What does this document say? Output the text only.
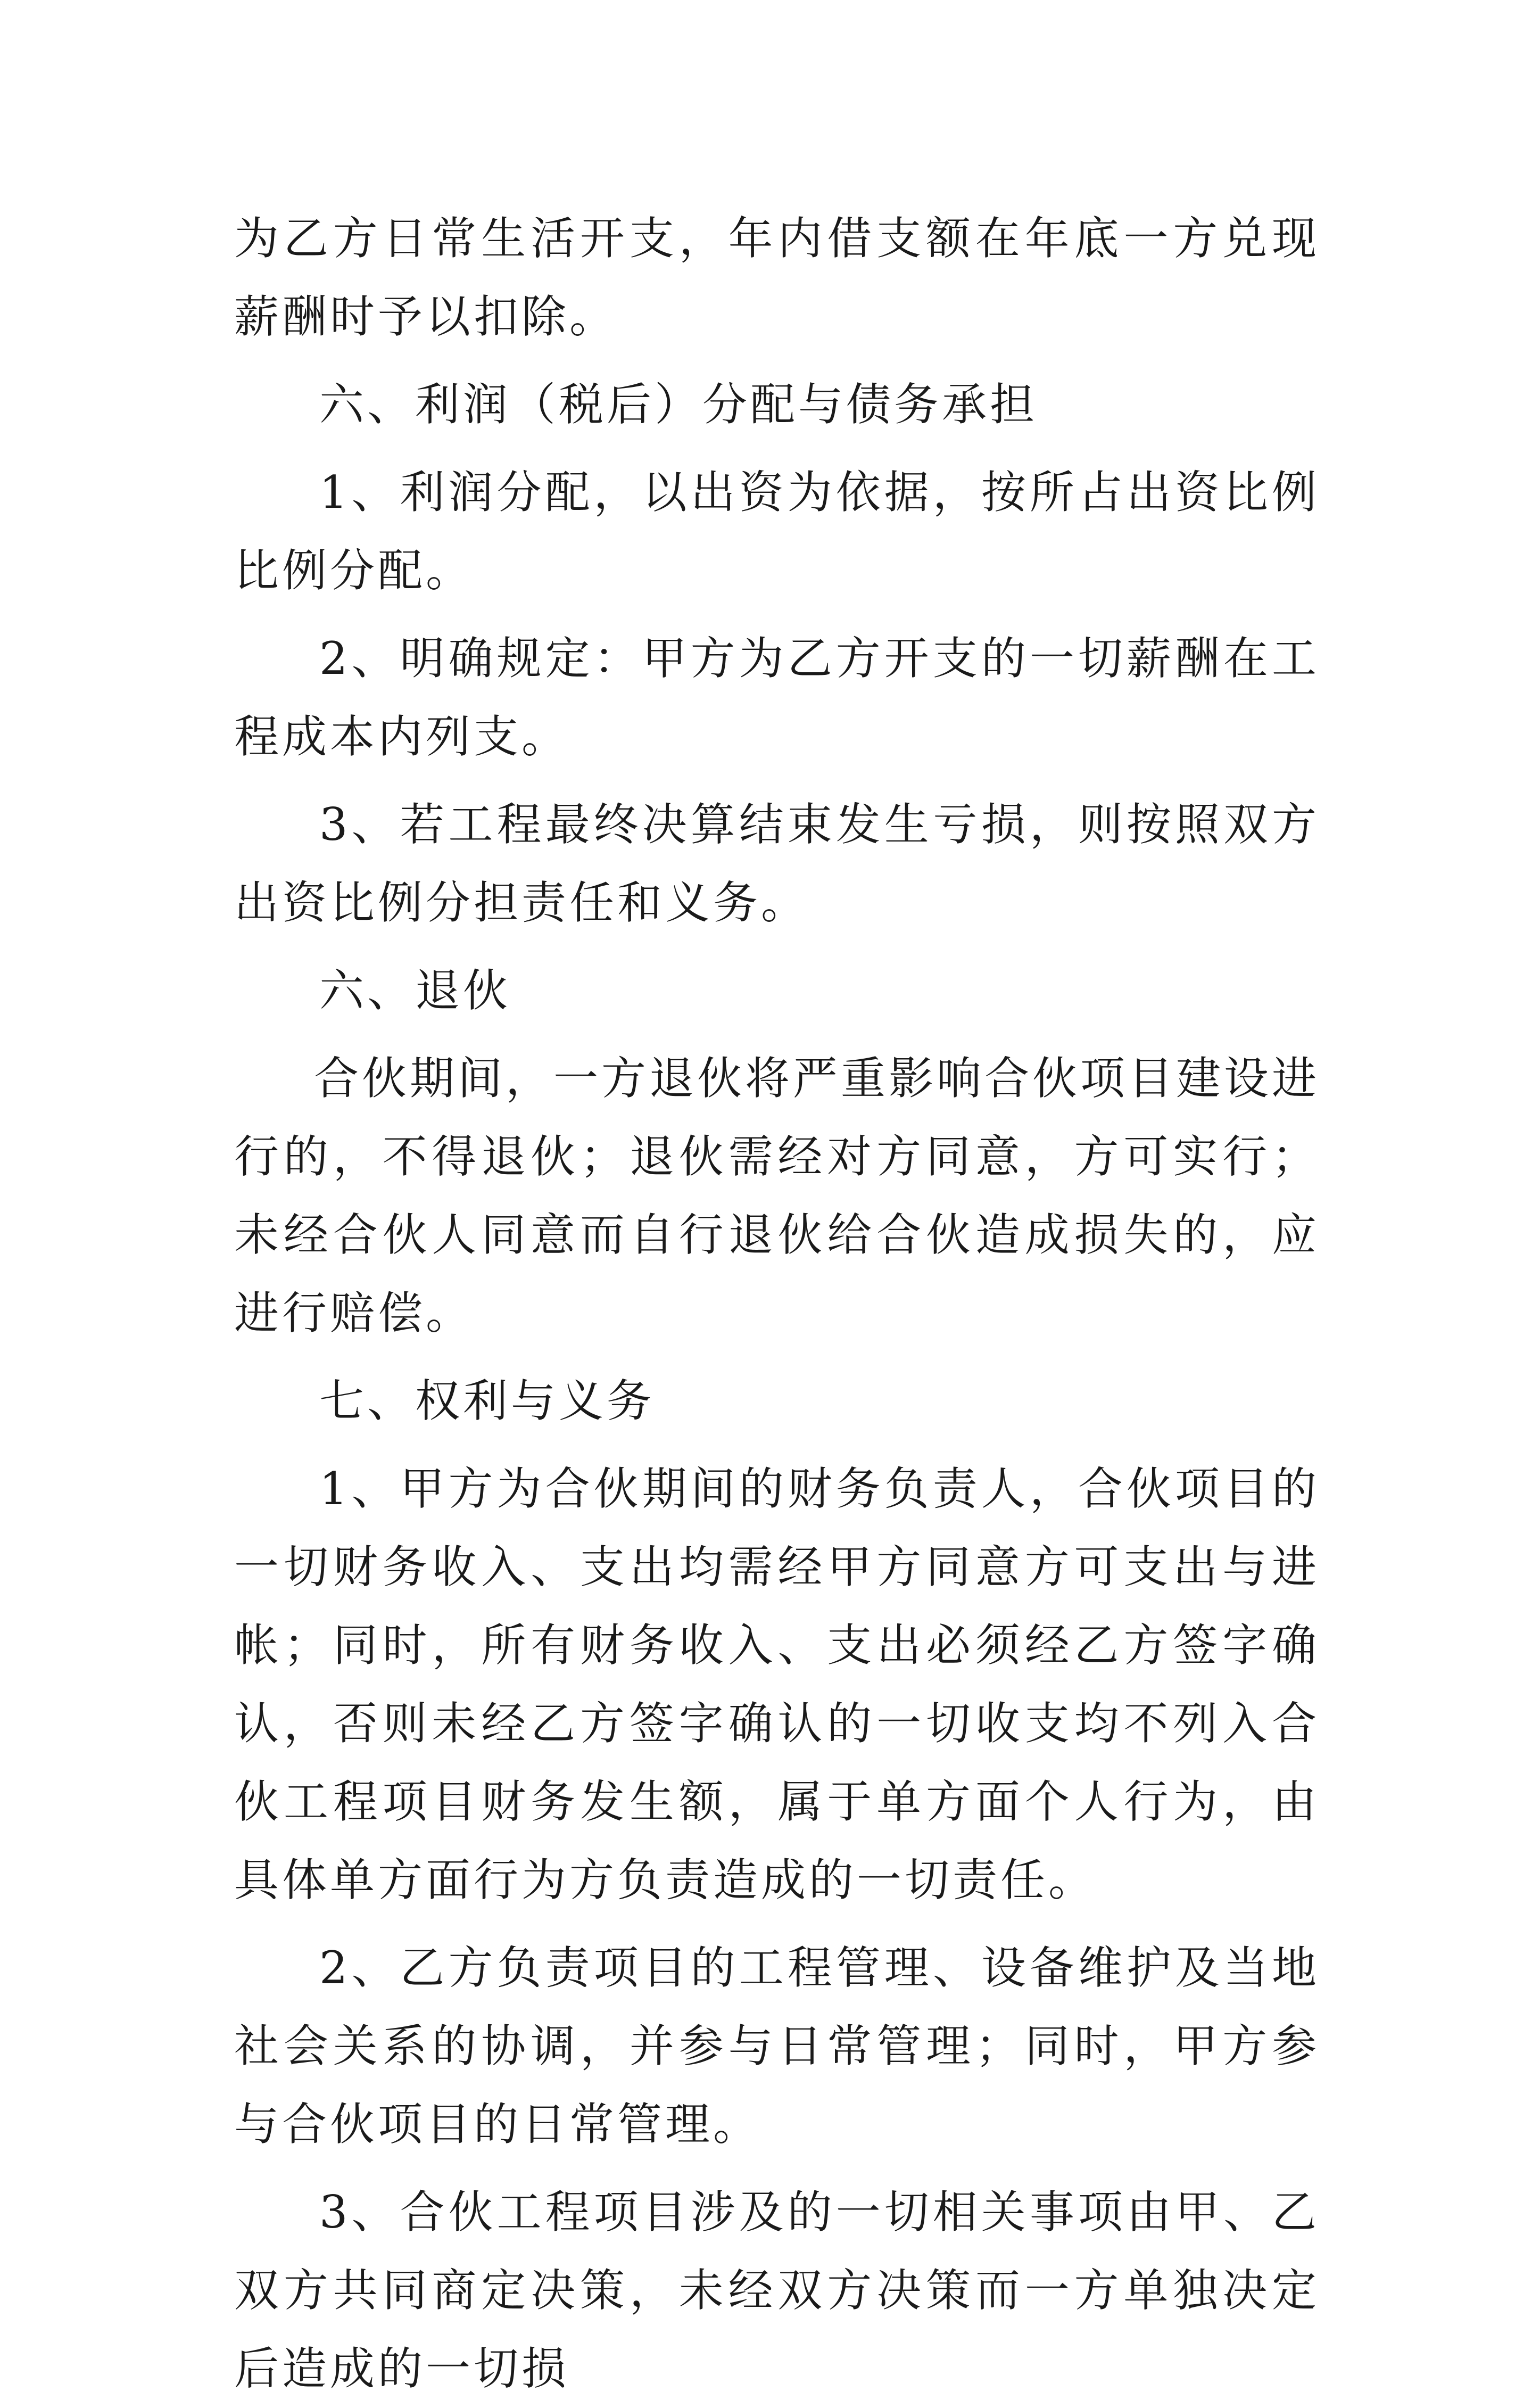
为乙方日常生活开支，年内借支额在年底一方兑现薪酬时予以扣除。

六、利润（税后）分配与债务承担

1、利润分配，以出资为依据，按所占出资比例比例分配。

2、明确规定：甲方为乙方开支的一切薪酬在工程成本内列支。

3、若工程最终决算结束发生亏损，则按照双方出资比例分担责任和义务。

六、退伙

合伙期间，一方退伙将严重影响合伙项目建设进行的，不得退伙；退伙需经对方同意，方可实行；未经合伙人同意而自行退伙给合伙造成损失的，应进行赔偿。

七、权利与义务

1、甲方为合伙期间的财务负责人，合伙项目的一切财务收入、支出均需经甲方同意方可支出与进帐；同时，所有财务收入、支出必须经乙方签字确认，否则未经乙方签字确认的一切收支均不列入合伙工程项目财务发生额，属于单方面个人行为，由具体单方面行为方负责造成的一切责任。

2、乙方负责项目的工程管理、设备维护及当地社会关系的协调，并参与日常管理；同时，甲方参与合伙项目的日常管理。

3、合伙工程项目涉及的一切相关事项由甲、乙双方共同商定决策，未经双方决策而一方单独决定后造成的一切损
